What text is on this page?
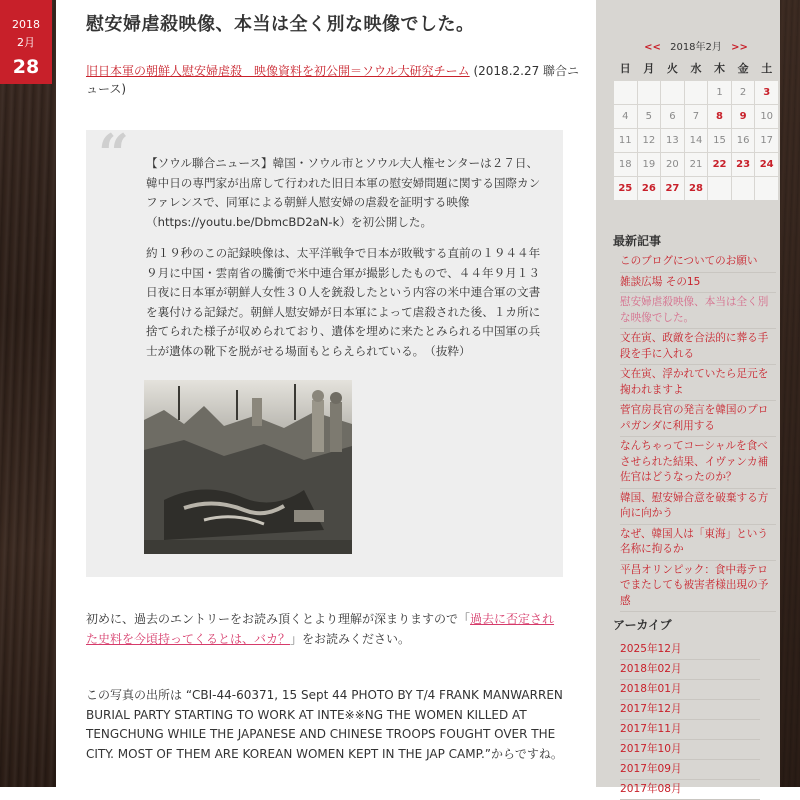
2018
2月
28
慰安婦虐殺映像、本当は全く別な映像でした。
旧日本軍の朝鮮人慰安婦虐殺　映像資料を初公開＝ソウル大研究チーム (2018.2.27 聯合ニュース)
“ 【ソウル聯合ニュース】韓国・ソウル市とソウル大人権センターは２７日、韓中日の専門家が出席して行われた旧日本軍の慰安婦問題に関する国際カンファレンスで、同軍による朝鮮人慰安婦の虐殺を証明する映像（https://youtu.be/DbmcBD2aN-k）を初公開した。

約１９秒のこの記録映像は、太平洋戦争で日本が敗戦する直前の１９４４年９月に中国・雲南省の騰衝で米中連合軍が撮影したもので、４４年９月１３日夜に日本軍が朝鮮人女性３０人を銃殺したという内容の米中連合軍の文書を裏付ける記録だ。朝鮮人慰安婦が日本軍によって虐殺された後、１カ所に捨てられた様子が収められており、遺体を埋めに来たとみられる中国軍の兵士が遺体の靴下を脱がせる場面もとらえられている。　（抜粋）

初めに、過去のエントリーをお読み頂くとより理解が深まりますので「過去に否定された史料を今頃持ってくるとは、バカ？」をお読みください。

この写真の出所は “CBI-44-60371, 15 Sept 44 PHOTO BY T/4 FRANK MANWARREN BURIAL PARTY STARTING TO WORK AT INTE※※NG THE WOMEN KILLED AT TENGCHUNG WHILE THE JAPANESE AND CHINESE TROOPS FOUGHT OVER THE CITY. MOST OF THEM ARE KOREAN WOMEN KEPT IN THE JAP CAMP.”からですね。

<< 2018年2月 >>
日	月	火	水	木	金	土
				1	2	3
4	5	6	7	8	9	10
11	12	13	14	15	16	17
18	19	20	21	22	23	24
25	26	27	28			
最新記事
このブログについてのお願い
雑談広場 その15
慰安婦虐殺映像、本当は全く別な映像でした。
文在寅、政敵を合法的に葬る手段を手に入れる
文在寅、浮かれていたら足元を掬われますよ
菅官房長官の発言を韓国のプロパガンダに利用する
なんちゃってコーシャルを食べさせられた結果、イヴァンカ補佐官はどうなったのか？
韓国、慰安婦合意を破棄する方向に向かう
なぜ、韓国人は「東海」という名称に拘るか
平昌オリンピック：食中毒テロでまたしても被害者様出現の予感
アーカイブ
2025年12月
2018年02月
2018年01月
2017年12月
2017年11月
2017年10月
2017年09月
2017年08月
